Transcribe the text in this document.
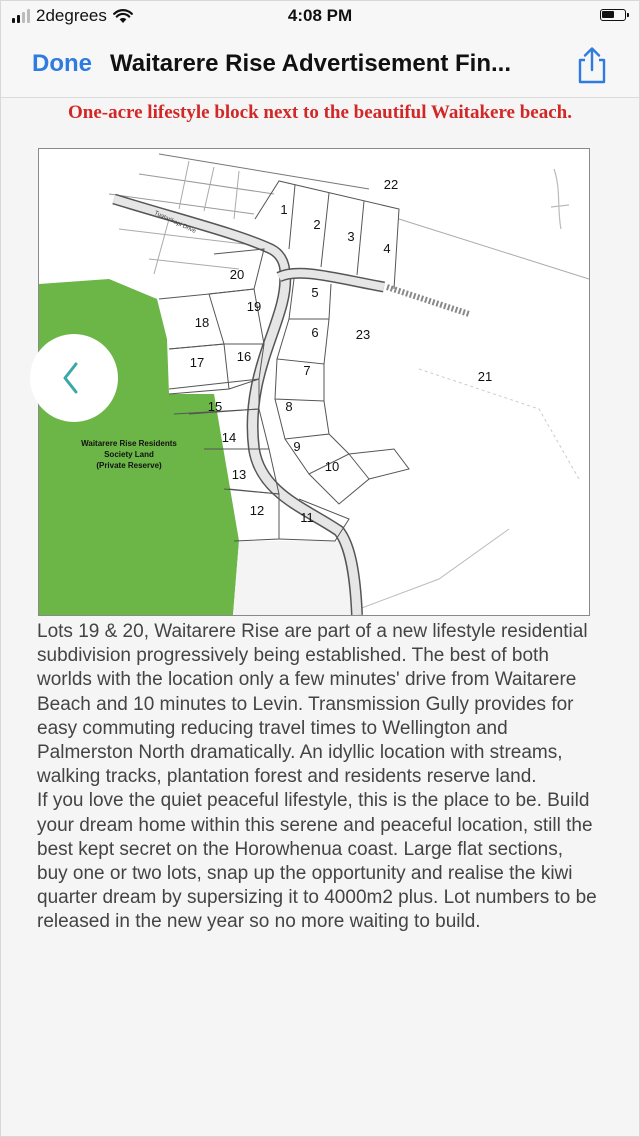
2degrees	4:08 PM
Done Waitarere Rise Advertisement Fin...
One-acre lifestyle block next to the beautiful Waitakere beach.
1
2
3
4
5
6
7
8
9
10
11
12
13
14
15
16
17
18
19
20
21
22
23
Waitarere Rise Residents
Society Land
(Private Reserve)
Tuatarikopi Drive
Lots 19 & 20, Waitarere Rise are part of a new lifestyle residential subdivision progressively being established. The best of both worlds with the location only a few minutes' drive from Waitarere Beach and 10 minutes to Levin. Transmission Gully provides for easy commuting reducing travel times to Wellington and Palmerston North dramatically. An idyllic location with streams, walking tracks, plantation forest and residents reserve land.
If you love the quiet peaceful lifestyle, this is the place to be. Build your dream home within this serene and peaceful location, still the best kept secret on the Horowhenua coast. Large flat sections, buy one or two lots, snap up the opportunity and realise the kiwi quarter dream by supersizing it to 4000m2 plus. Lot numbers to be released in the new year so no more waiting to build.
